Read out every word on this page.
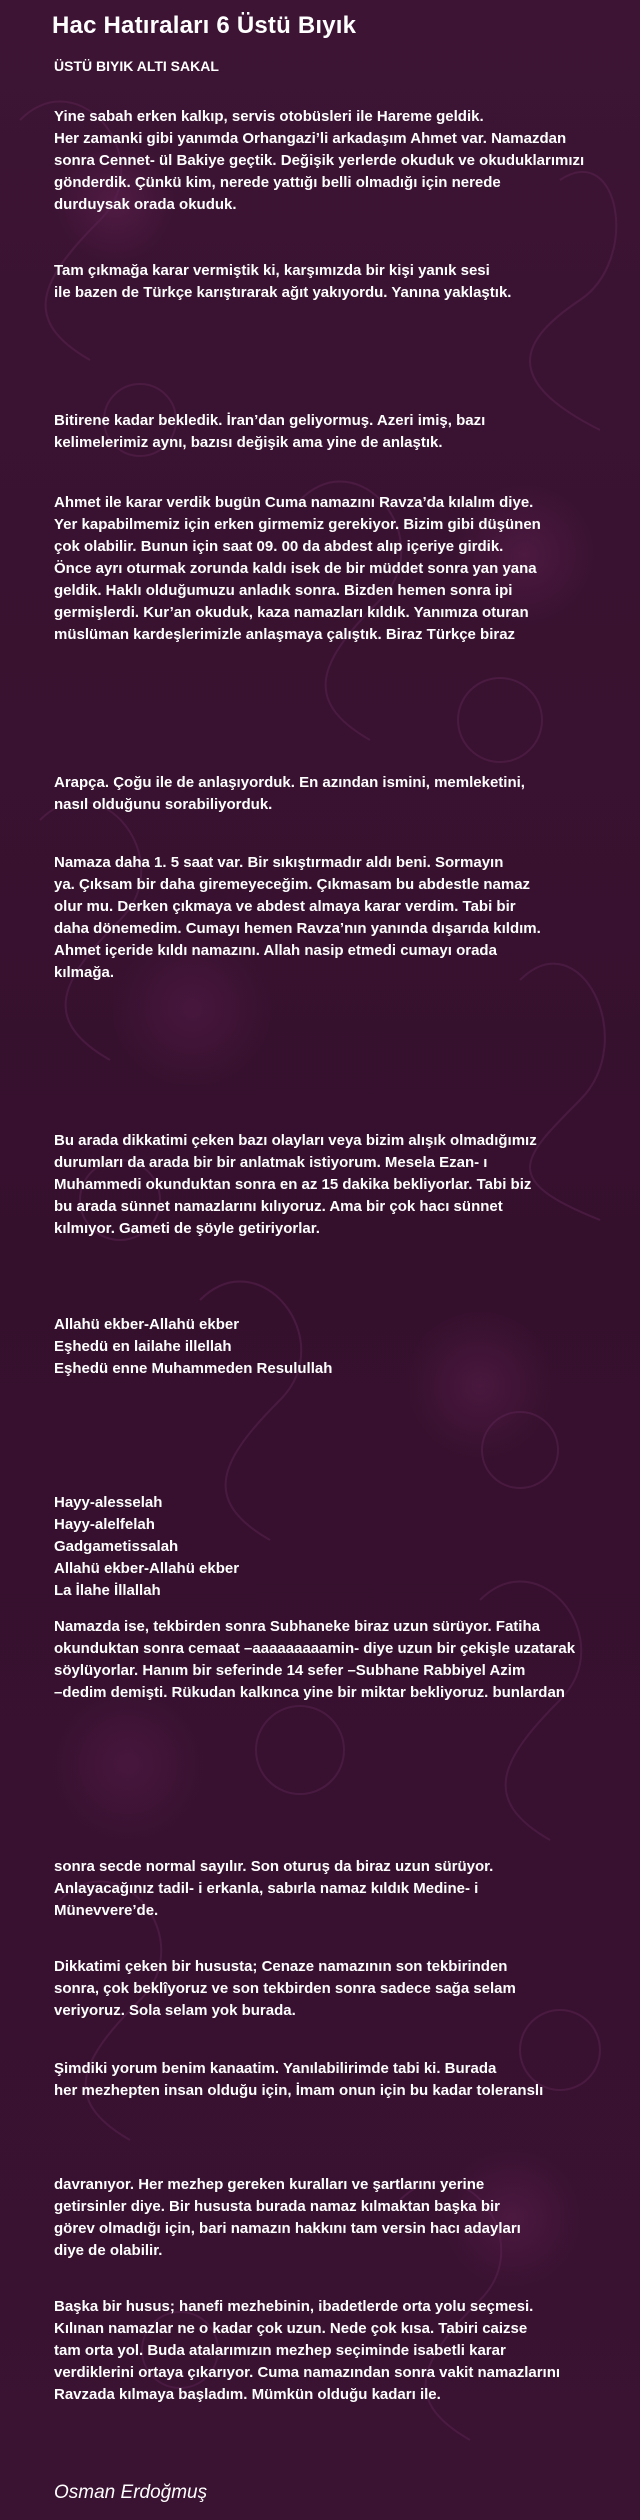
Hac Hatıraları 6 Üstü Bıyık
ÜSTÜ BIYIK ALTI SAKAL

Yine sabah erken kalkıp, servis otobüsleri ile Hareme geldik.
Her zamanki gibi yanımda Orhangazi’li arkadaşım Ahmet var. Namazdan
sonra Cennet- ül Bakiye geçtik. Değişik yerlerde okuduk ve okuduklarımızı
gönderdik. Çünkü kim, nerede yattığı belli olmadığı için nerede
durduysak orada okuduk.

Tam çıkmağa karar vermiştik ki, karşımızda bir kişi yanık sesi
ile bazen de Türkçe karıştırarak ağıt yakıyordu. Yanına yaklaştık.

Bitirene kadar bekledik. İran’dan geliyormuş. Azeri imiş, bazı
kelimelerimiz aynı, bazısı değişik ama yine de anlaştık.

Ahmet ile karar verdik bugün Cuma namazını Ravza’da kılalım diye.
Yer kapabilmemiz için erken girmemiz gerekiyor. Bizim gibi düşünen
çok olabilir. Bunun için saat 09. 00 da abdest alıp içeriye girdik.
Önce ayrı oturmak zorunda kaldı isek de bir müddet sonra yan yana
geldik. Haklı olduğumuzu anladık sonra. Bizden hemen sonra ipi
germişlerdi. Kur’an okuduk, kaza namazları kıldık. Yanımıza oturan
müslüman kardeşlerimizle anlaşmaya çalıştık. Biraz Türkçe biraz

Arapça. Çoğu ile de anlaşıyorduk. En azından ismini, memleketini,
nasıl olduğunu sorabiliyorduk.

Namaza daha 1. 5 saat var. Bir sıkıştırmadır aldı beni. Sormayın
ya. Çıksam bir daha giremeyeceğim. Çıkmasam bu abdestle namaz
olur mu. Derken çıkmaya ve abdest almaya karar verdim. Tabi bir
daha dönemedim. Cumayı hemen Ravza’nın yanında dışarıda kıldım.
Ahmet içeride kıldı namazını. Allah nasip etmedi cumayı orada
kılmağa.

Bu arada dikkatimi çeken bazı olayları veya bizim alışık olmadığımız
durumları da arada bir bir anlatmak istiyorum. Mesela Ezan- ı
Muhammedi okunduktan sonra en az 15 dakika bekliyorlar. Tabi biz
bu arada sünnet namazlarını kılıyoruz. Ama bir çok hacı sünnet
kılmıyor. Gameti de şöyle getiriyorlar.

Allahü ekber-Allahü ekber
Eşhedü en lailahe illellah
Eşhedü enne Muhammeden Resulullah

Hayy-alesselah
Hayy-alelfelah
Gadgametissalah
Allahü ekber-Allahü ekber
La İlahe İllallah

Namazda ise, tekbirden sonra Subhaneke biraz uzun sürüyor. Fatiha
okunduktan sonra cemaat –aaaaaaaaamin- diye uzun bir çekişle uzatarak
söylüyorlar. Hanım bir seferinde 14 sefer –Subhane Rabbiyel Azim
–dedim demişti. Rükudan kalkınca yine bir miktar bekliyoruz. bunlardan

sonra secde normal sayılır. Son oturuş da biraz uzun sürüyor.
Anlayacağınız tadil- i erkanla, sabırla namaz kıldık Medine- i
Münevvere’de.

Dikkatimi çeken bir hususta; Cenaze namazının son tekbirinden
sonra, çok beklîyoruz ve son tekbirden sonra sadece sağa selam
veriyoruz. Sola selam yok burada.

Şimdiki yorum benim kanaatim. Yanılabilirimde tabi ki. Burada
her mezhepten insan olduğu için, İmam onun için bu kadar toleranslı

davranıyor. Her mezhep gereken kuralları ve şartlarını yerine
getirsinler diye. Bir hususta burada namaz kılmaktan başka bir
görev olmadığı için, bari namazın hakkını tam versin hacı adayları
diye de olabilir.

Başka bir husus; hanefi mezhebinin, ibadetlerde orta yolu seçmesi.
Kılınan namazlar ne o kadar çok uzun. Nede çok kısa. Tabiri caizse
tam orta yol. Buda atalarımızın mezhep seçiminde isabetli karar
verdiklerini ortaya çıkarıyor. Cuma namazından sonra vakit namazlarını
Ravzada kılmaya başladım. Mümkün olduğu kadarı ile.

Osman Erdoğmuş
